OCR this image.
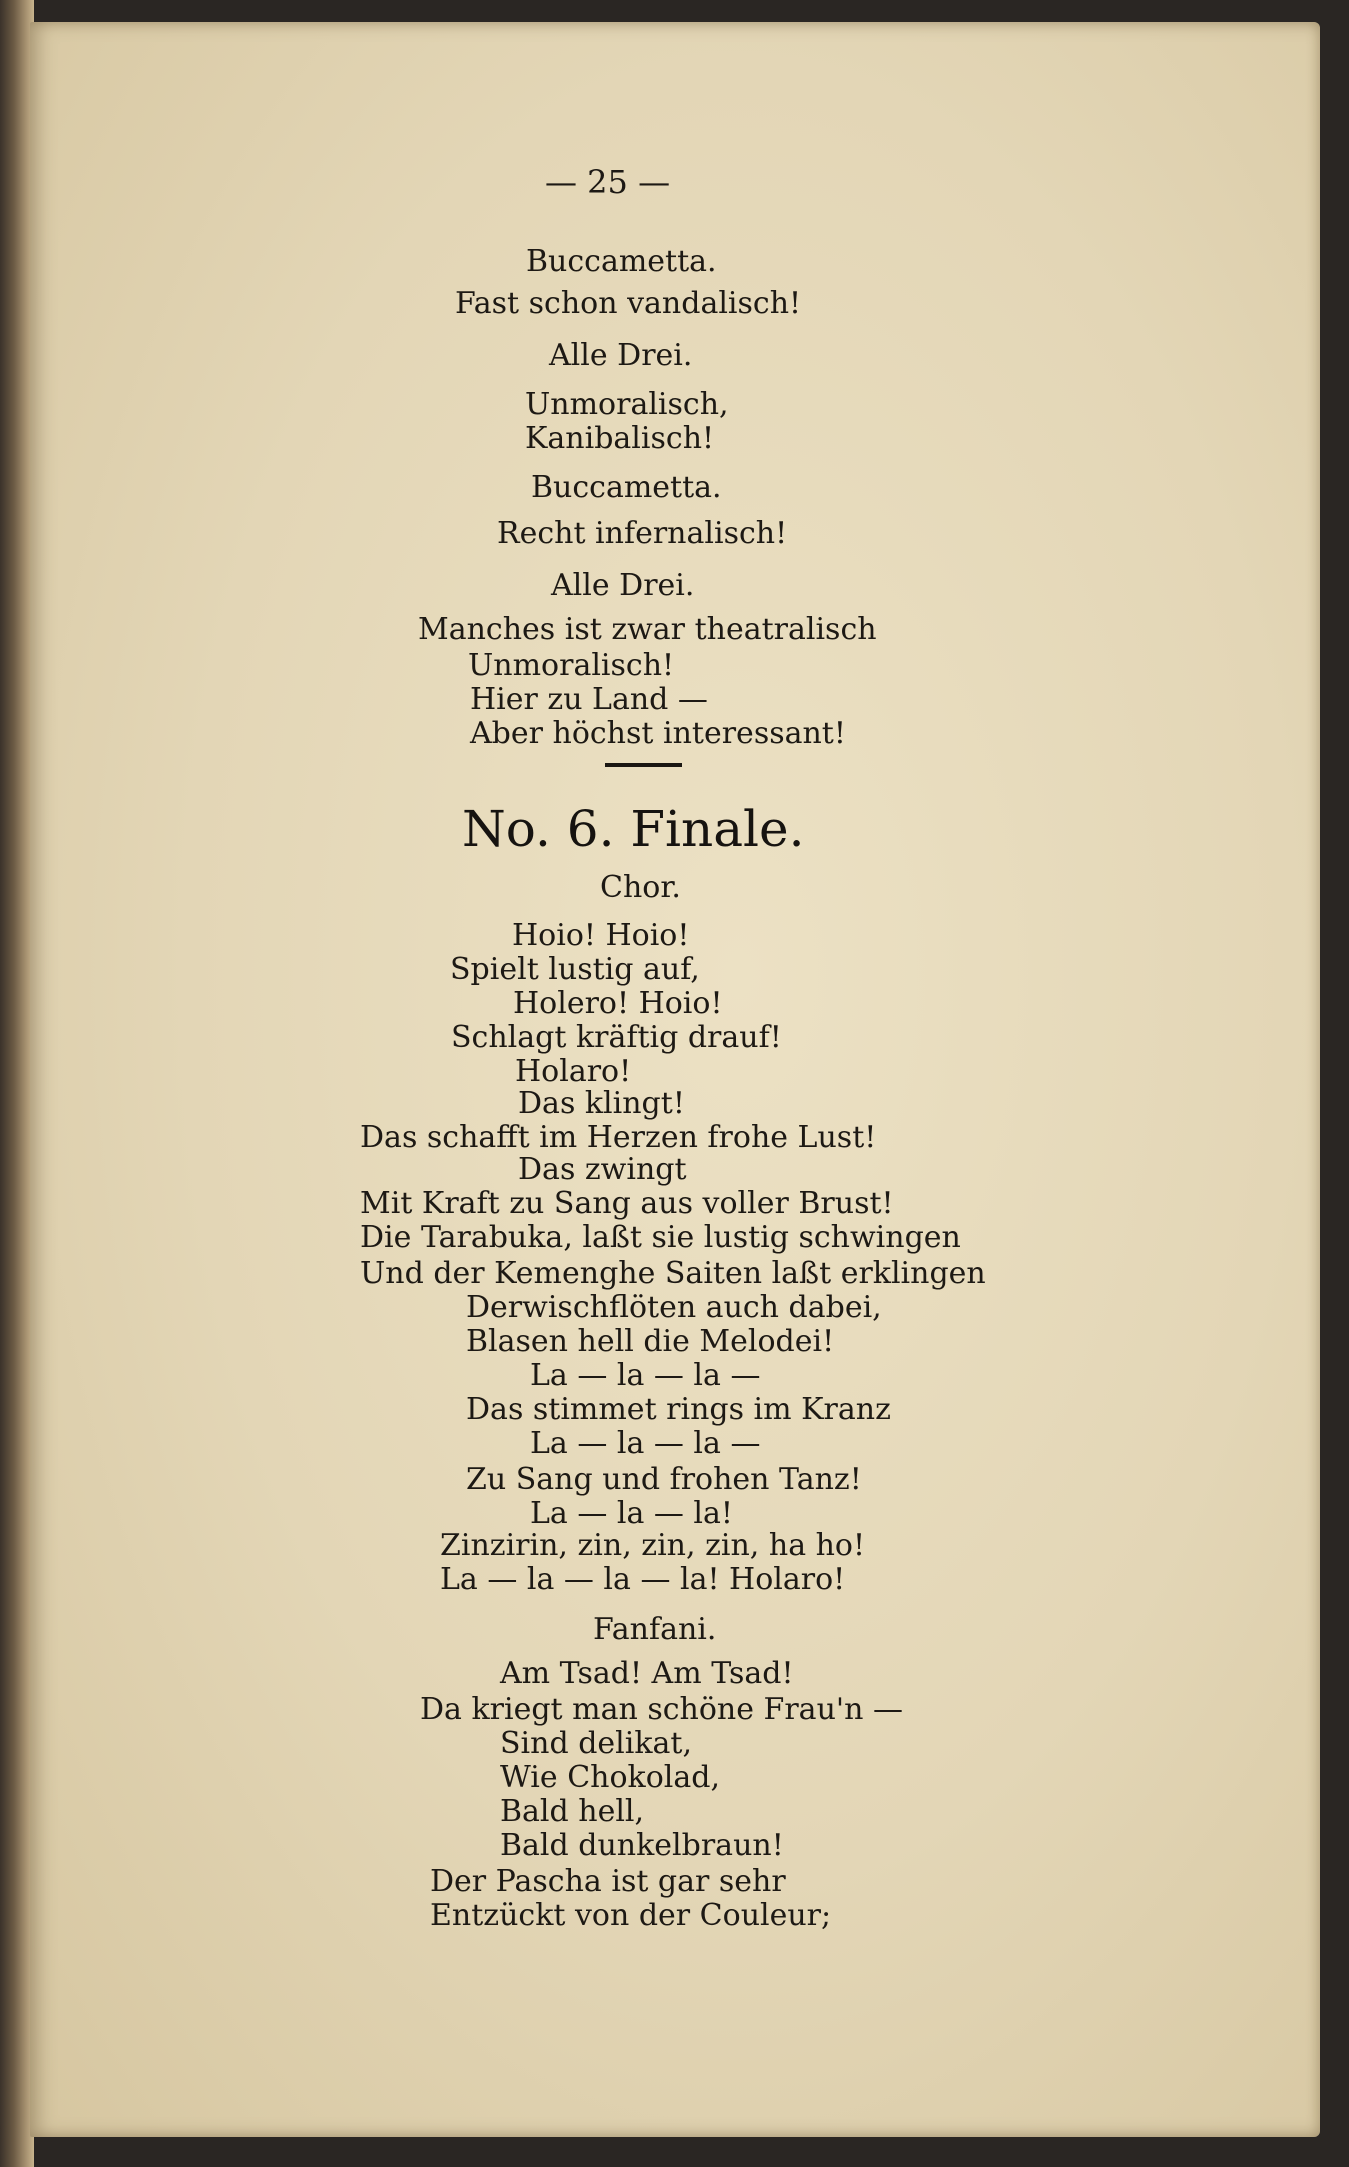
— 25 —
Buccametta.
Fast schon vandalisch!
Alle Drei.
Unmoralisch,
Kanibalisch!
Buccametta.
Recht infernalisch!
Alle Drei.
Manches ist zwar theatralisch
Unmoralisch!
Hier zu Land —
Aber höchst interessant!
No. 6. Finale.
Chor.
Hoio! Hoio!
Spielt lustig auf,
Holero! Hoio!
Schlagt kräftig drauf!
Holaro!
Das klingt!
Das schafft im Herzen frohe Lust!
Das zwingt
Mit Kraft zu Sang aus voller Brust!
Die Tarabuka, laßt sie lustig schwingen
Und der Kemenghe Saiten laßt erklingen
Derwischflöten auch dabei,
Blasen hell die Melodei!
La — la — la —
Das stimmet rings im Kranz
La — la — la —
Zu Sang und frohen Tanz!
La — la — la!
Zinzirin, zin, zin, zin, ha ho!
La — la — la — la! Holaro!
Fanfani.
Am Tsad! Am Tsad!
Da kriegt man schöne Frau'n —
Sind delikat,
Wie Chokolad,
Bald hell,
Bald dunkelbraun!
Der Pascha ist gar sehr
Entzückt von der Couleur;
